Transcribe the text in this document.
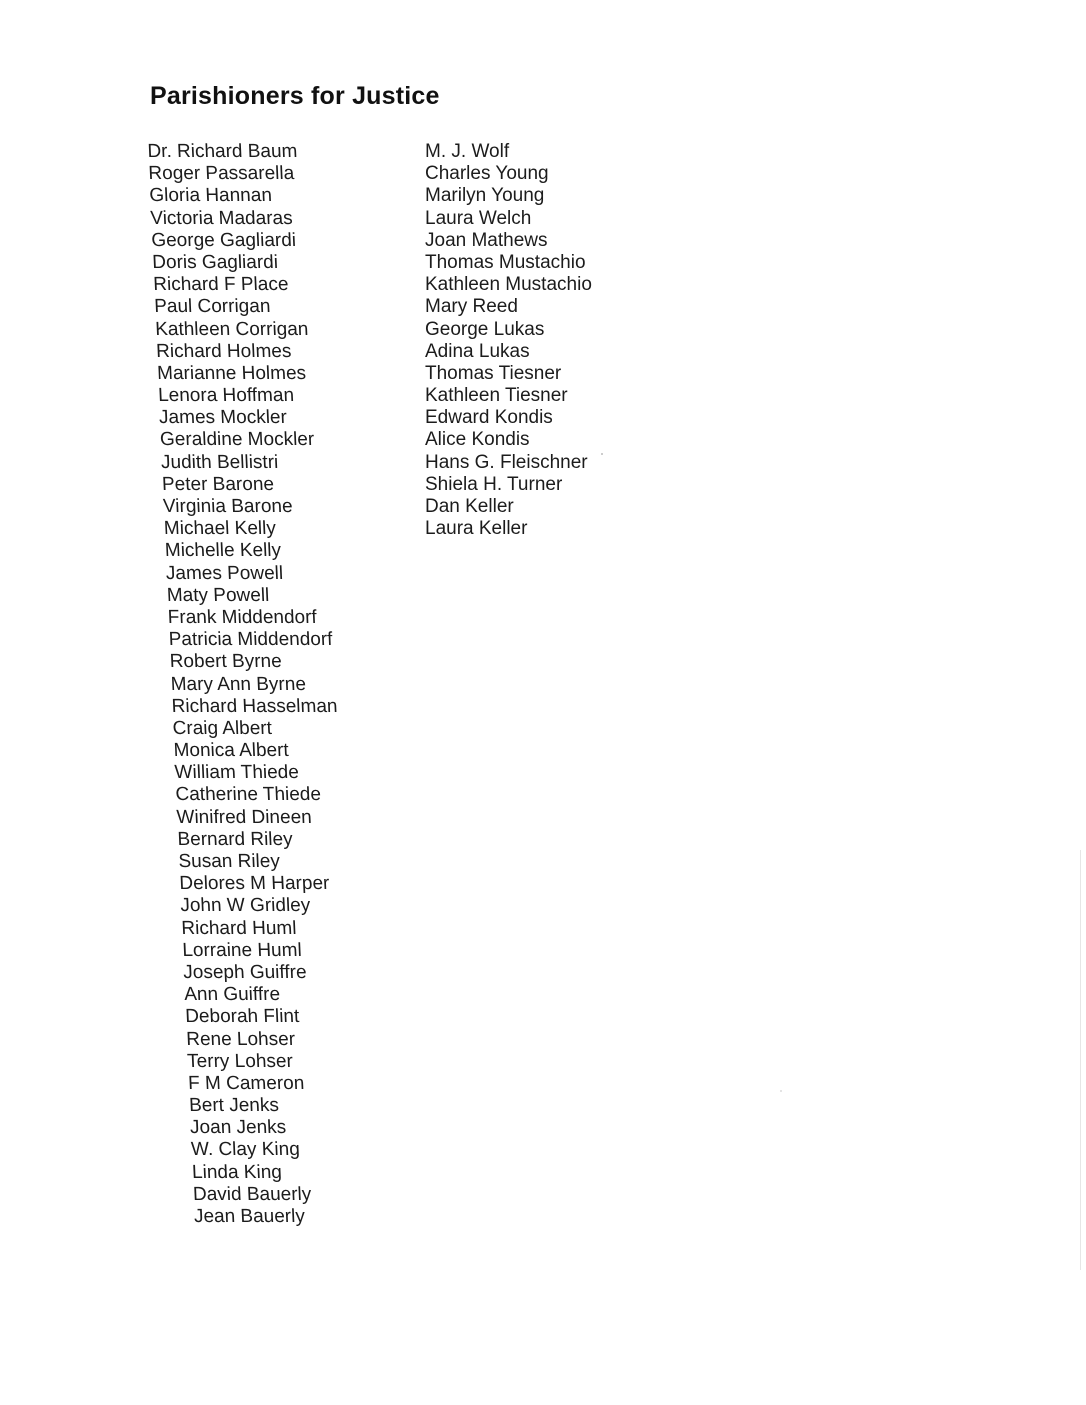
Parishioners for Justice
Dr. Richard Baum
Roger Passarella
Gloria Hannan
Victoria Madaras
George Gagliardi
Doris Gagliardi
Richard F Place
Paul Corrigan
Kathleen Corrigan
Richard Holmes
Marianne Holmes
Lenora Hoffman
James Mockler
Geraldine Mockler
Judith Bellistri
Peter Barone
Virginia Barone
Michael Kelly
Michelle Kelly
James Powell
Maty Powell
Frank Middendorf
Patricia Middendorf
Robert Byrne
Mary Ann Byrne
Richard Hasselman
Craig Albert
Monica Albert
William Thiede
Catherine Thiede
Winifred Dineen
Bernard Riley
Susan Riley
Delores M Harper
John W Gridley
Richard Huml
Lorraine Huml
Joseph Guiffre
Ann Guiffre
Deborah Flint
Rene Lohser
Terry Lohser
F M Cameron
Bert Jenks
Joan Jenks
W. Clay King
Linda King
David Bauerly
Jean Bauerly
M. J. Wolf
Charles Young
Marilyn Young
Laura Welch
Joan Mathews
Thomas Mustachio
Kathleen Mustachio
Mary Reed
George Lukas
Adina Lukas
Thomas Tiesner
Kathleen Tiesner
Edward Kondis
Alice Kondis
Hans G. Fleischner
Shiela H. Turner
Dan Keller
Laura Keller
